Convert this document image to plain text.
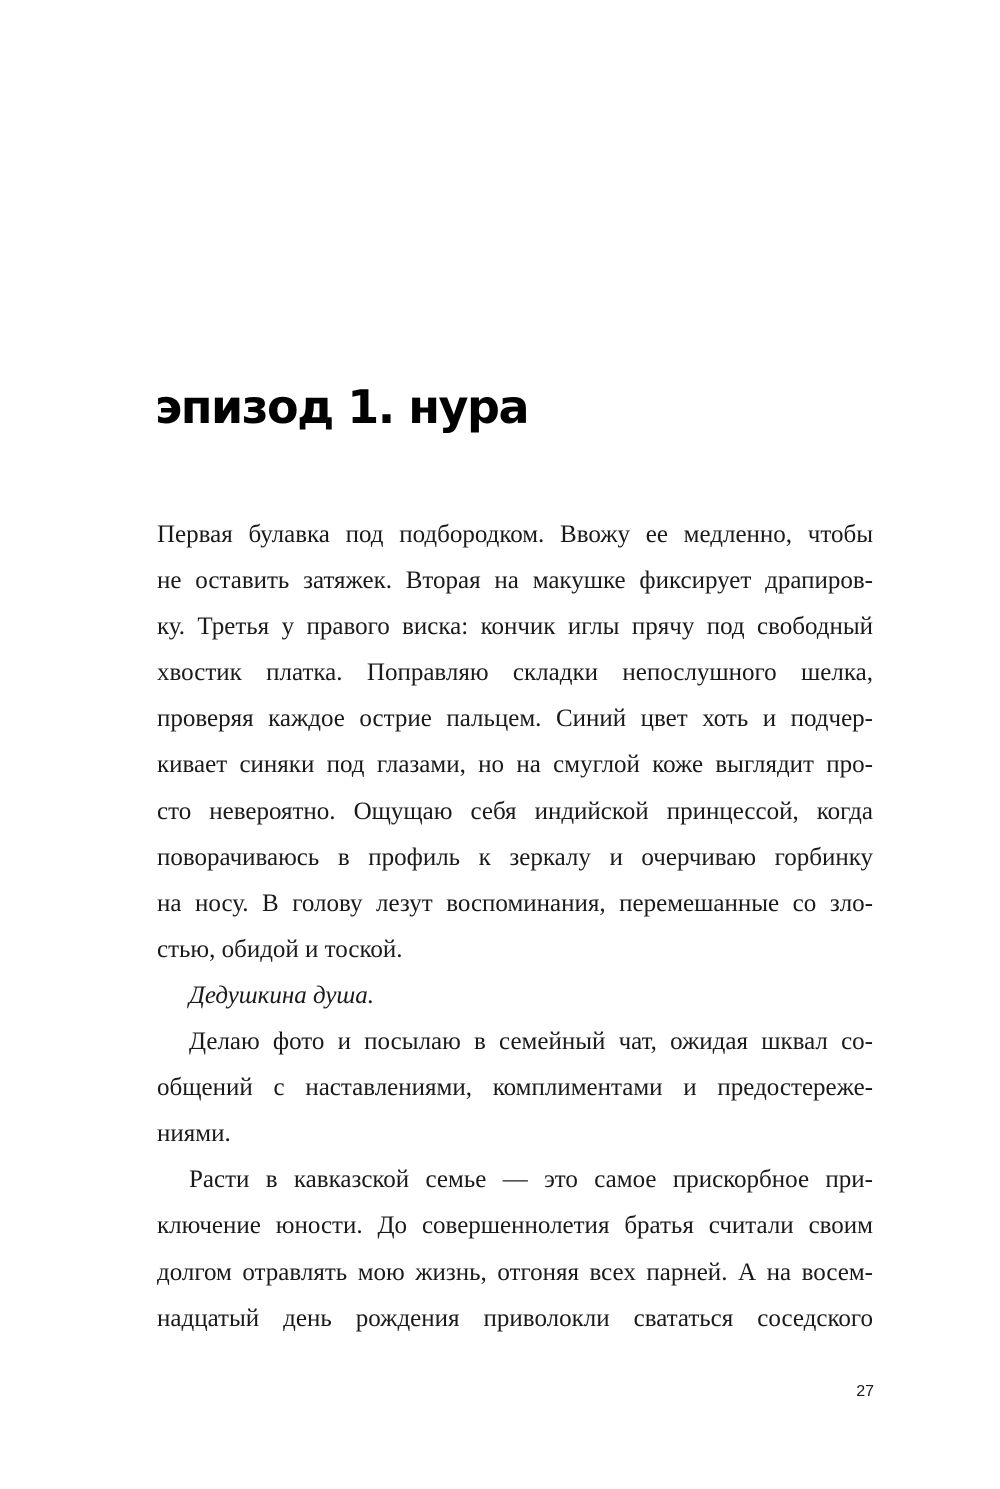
эпизод 1. нура
Первая булавка под подбородком. Ввожу ее медленно, чтобы
не оставить затяжек. Вторая на макушке фиксирует драпиров-
ку. Третья у правого виска: кончик иглы прячу под свободный
хвостик платка. Поправляю складки непослушного шелка,
проверяя каждое острие пальцем. Синий цвет хоть и подчер-
кивает синяки под глазами, но на смуглой коже выглядит про-
сто невероятно. Ощущаю себя индийской принцессой, когда
поворачиваюсь в профиль к зеркалу и очерчиваю горбинку
на носу. В голову лезут воспоминания, перемешанные со зло-
стью, обидой и тоской.
Дедушкина душа.
Делаю фото и посылаю в семейный чат, ожидая шквал со-
общений с наставлениями, комплиментами и предостереже-
ниями.
Расти в кавказской семье — это самое прискорбное при-
ключение юности. До совершеннолетия братья считали своим
долгом отравлять мою жизнь, отгоняя всех парней. А на восем-
надцатый день рождения приволокли свататься соседского
27
